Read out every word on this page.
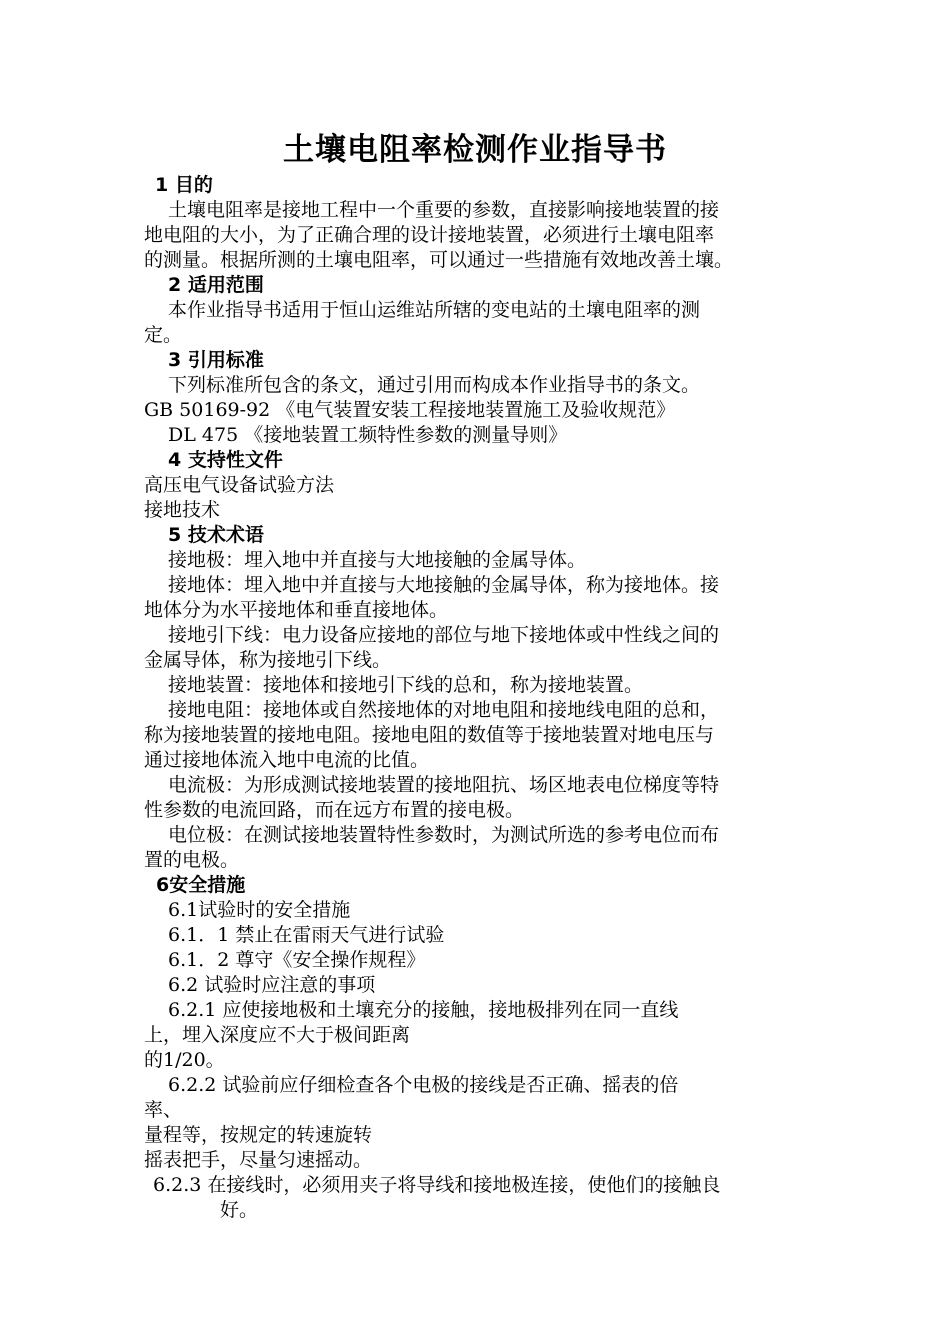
土壤电阻率检测作业指导书
1 目的
土壤电阻率是接地工程中一个重要的参数，直接影响接地装置的接
地电阻的大小，为了正确合理的设计接地装置，必须进行土壤电阻率
的测量。根据所测的土壤电阻率，可以通过一些措施有效地改善土壤。
2 适用范围
本作业指导书适用于恒山运维站所辖的变电站的土壤电阻率的测
定。
3 引用标准
下列标准所包含的条文，通过引用而构成本作业指导书的条文。
GB 50169-92 《电气装置安装工程接地装置施工及验收规范》
DL 475 《接地装置工频特性参数的测量导则》
4 支持性文件
高压电气设备试验方法
接地技术
5 技术术语
接地极：埋入地中并直接与大地接触的金属导体。
接地体：埋入地中并直接与大地接触的金属导体，称为接地体。接
地体分为水平接地体和垂直接地体。
接地引下线：电力设备应接地的部位与地下接地体或中性线之间的
金属导体，称为接地引下线。
接地装置：接地体和接地引下线的总和，称为接地装置。
接地电阻：接地体或自然接地体的对地电阻和接地线电阻的总和，
称为接地装置的接地电阻。接地电阻的数值等于接地装置对地电压与
通过接地体流入地中电流的比值。
电流极：为形成测试接地装置的接地阻抗、场区地表电位梯度等特
性参数的电流回路，而在远方布置的接电极。
电位极：在测试接地装置特性参数时，为测试所选的参考电位而布
置的电极。
6安全措施
6.1试验时的安全措施
6.1．1 禁止在雷雨天气进行试验
6.1．2 尊守《安全操作规程》
6.2 试验时应注意的事项
6.2.1 应使接地极和土壤充分的接触，接地极排列在同一直线
上，埋入深度应不大于极间距离
的1/20。
6.2.2 试验前应仔细检查各个电极的接线是否正确、摇表的倍
率、
量程等，按规定的转速旋转
摇表把手，尽量匀速摇动。
6.2.3 在接线时，必须用夹子将导线和接地极连接，使他们的接触良
好。
